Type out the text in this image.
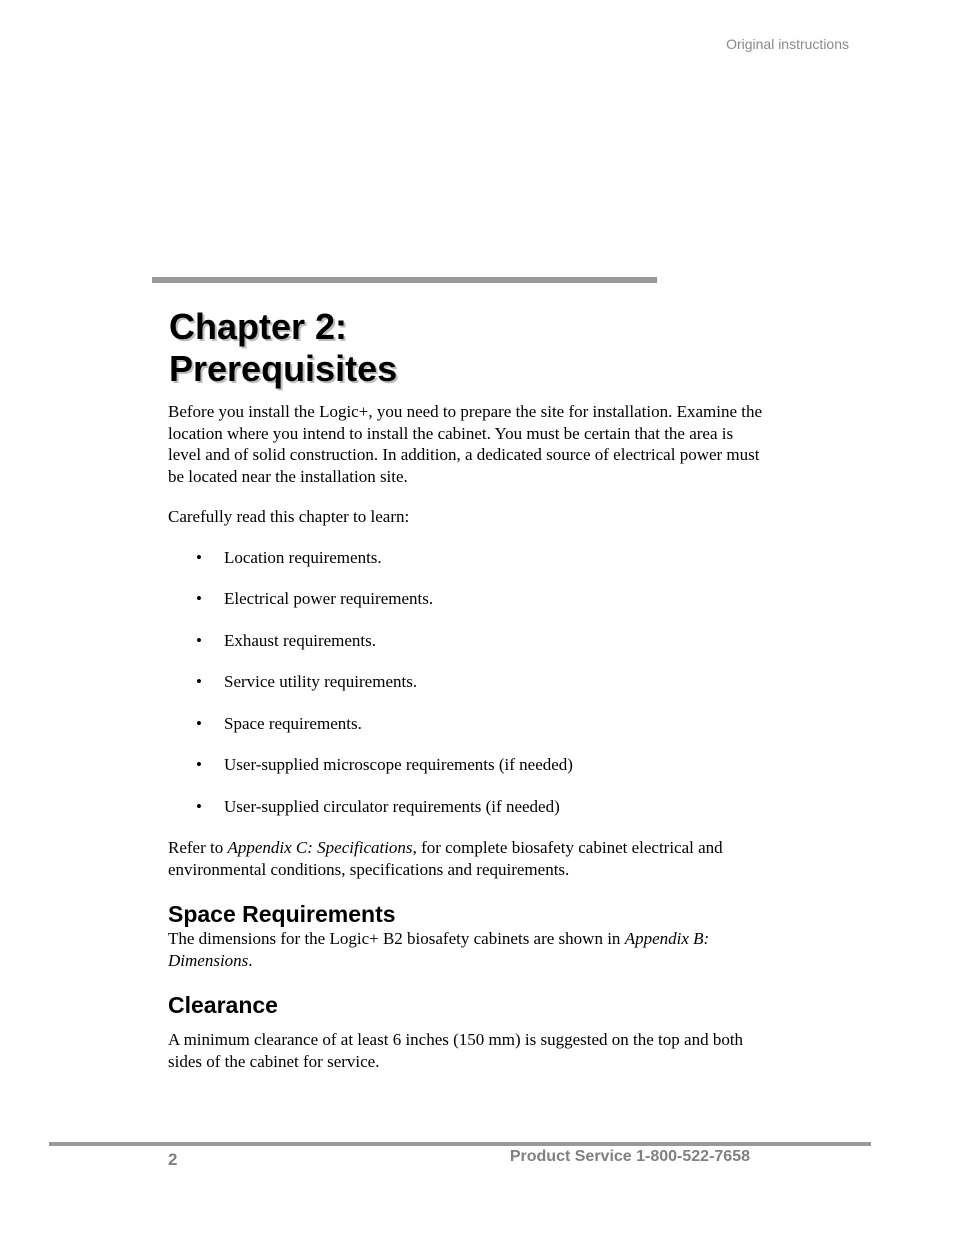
Original instructions

Chapter 2:
Prerequisites

Before you install the Logic+, you need to prepare the site for installation. Examine the location where you intend to install the cabinet. You must be certain that the area is level and of solid construction. In addition, a dedicated source of electrical power must be located near the installation site.

Carefully read this chapter to learn:

• Location requirements.
• Electrical power requirements.
• Exhaust requirements.
• Service utility requirements.
• Space requirements.
• User-supplied microscope requirements (if needed)
• User-supplied circulator requirements (if needed)

Refer to Appendix C: Specifications, for complete biosafety cabinet electrical and environmental conditions, specifications and requirements.

Space Requirements

The dimensions for the Logic+ B2 biosafety cabinets are shown in Appendix B: Dimensions.

Clearance

A minimum clearance of at least 6 inches (150 mm) is suggested on the top and both sides of the cabinet for service.

2	Product Service 1-800-522-7658
